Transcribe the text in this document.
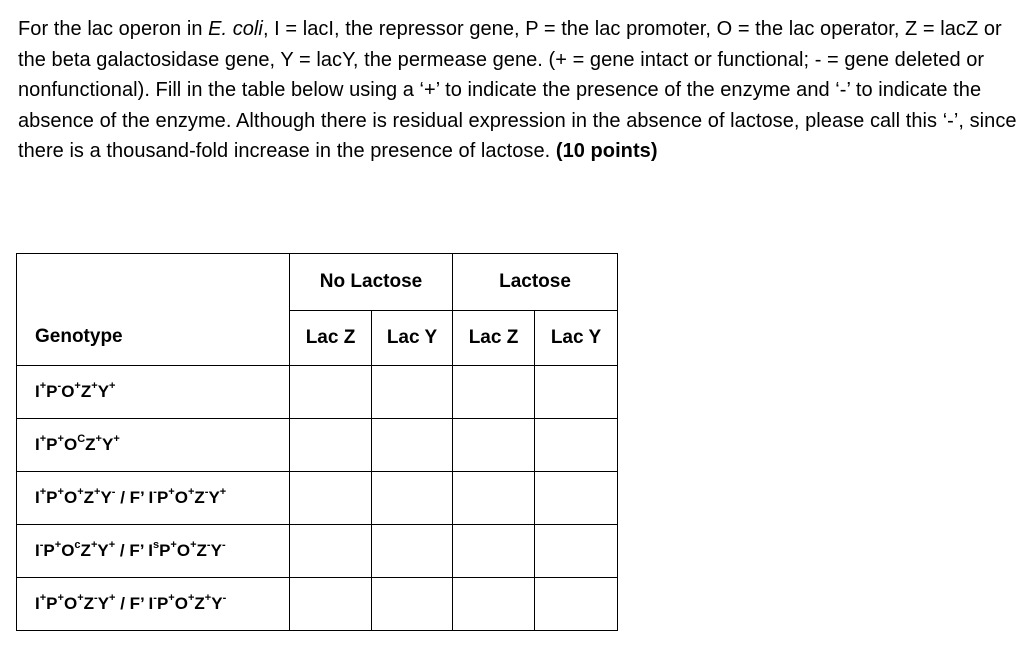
For the lac operon in E. coli, I = lacI, the repressor gene, P = the lac promoter, O = the lac operator, Z = lacZ or the beta galactosidase gene, Y = lacY, the permease gene. (+ = gene intact or functional; - = gene deleted or nonfunctional). Fill in the table below using a ‘+’ to indicate the presence of the enzyme and ‘-’ to indicate the absence of the enzyme. Although there is residual expression in the absence of lactose, please call this ‘-’, since there is a thousand-fold increase in the presence of lactose. (10 points)

Genotype	No Lactose		Lactose	
	Lac Z	Lac Y	Lac Z	Lac Y
I+P-O+Z+Y+				
$I^+P^+O^CZ^+Y^+$				
I+P+O+Z+Y- / F’ I-P+O+Z-Y+				
$I^-P^+O^cZ^+Y^+$ / F’ $I^sP^+O^+Z^-Y^-$				
I+P+O+Z-Y+ / F’ I-P+O+Z+Y-				
